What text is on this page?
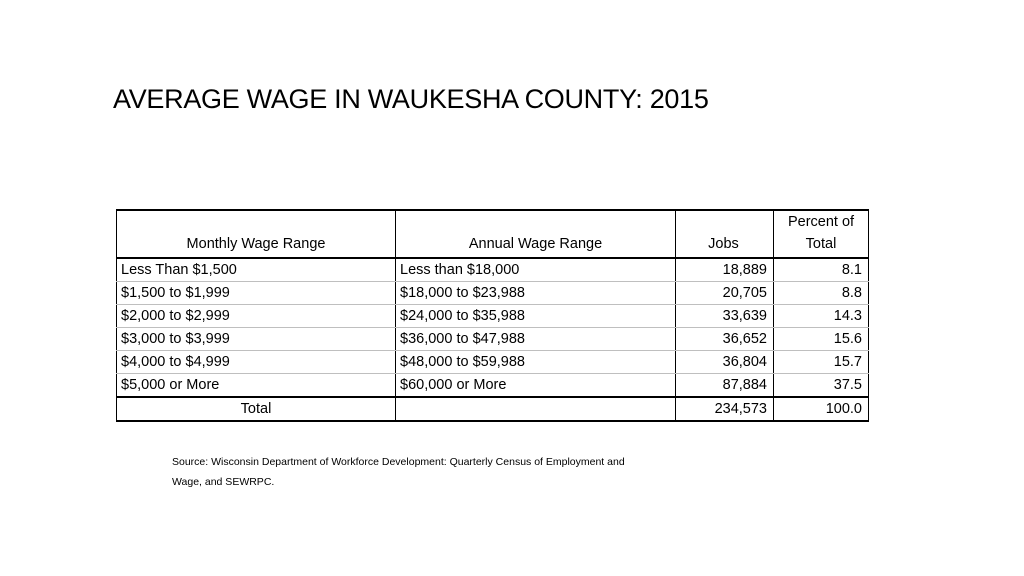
AVERAGE WAGE IN WAUKESHA COUNTY: 2015
Monthly Wage Range	Annual Wage Range	Jobs	Percent of
Total
Less Than $1,500	Less than $18,000	18,889	8.1
$1,500 to $1,999	$18,000 to $23,988	20,705	8.8
$2,000 to $2,999	$24,000 to $35,988	33,639	14.3
$3,000 to $3,999	$36,000 to $47,988	36,652	15.6
$4,000 to $4,999	$48,000 to $59,988	36,804	15.7
$5,000 or More	$60,000 or More	87,884	37.5
Total		234,573	100.0
Source: Wisconsin Department of Workforce Development: Quarterly Census of Employment and
Wage, and SEWRPC.
